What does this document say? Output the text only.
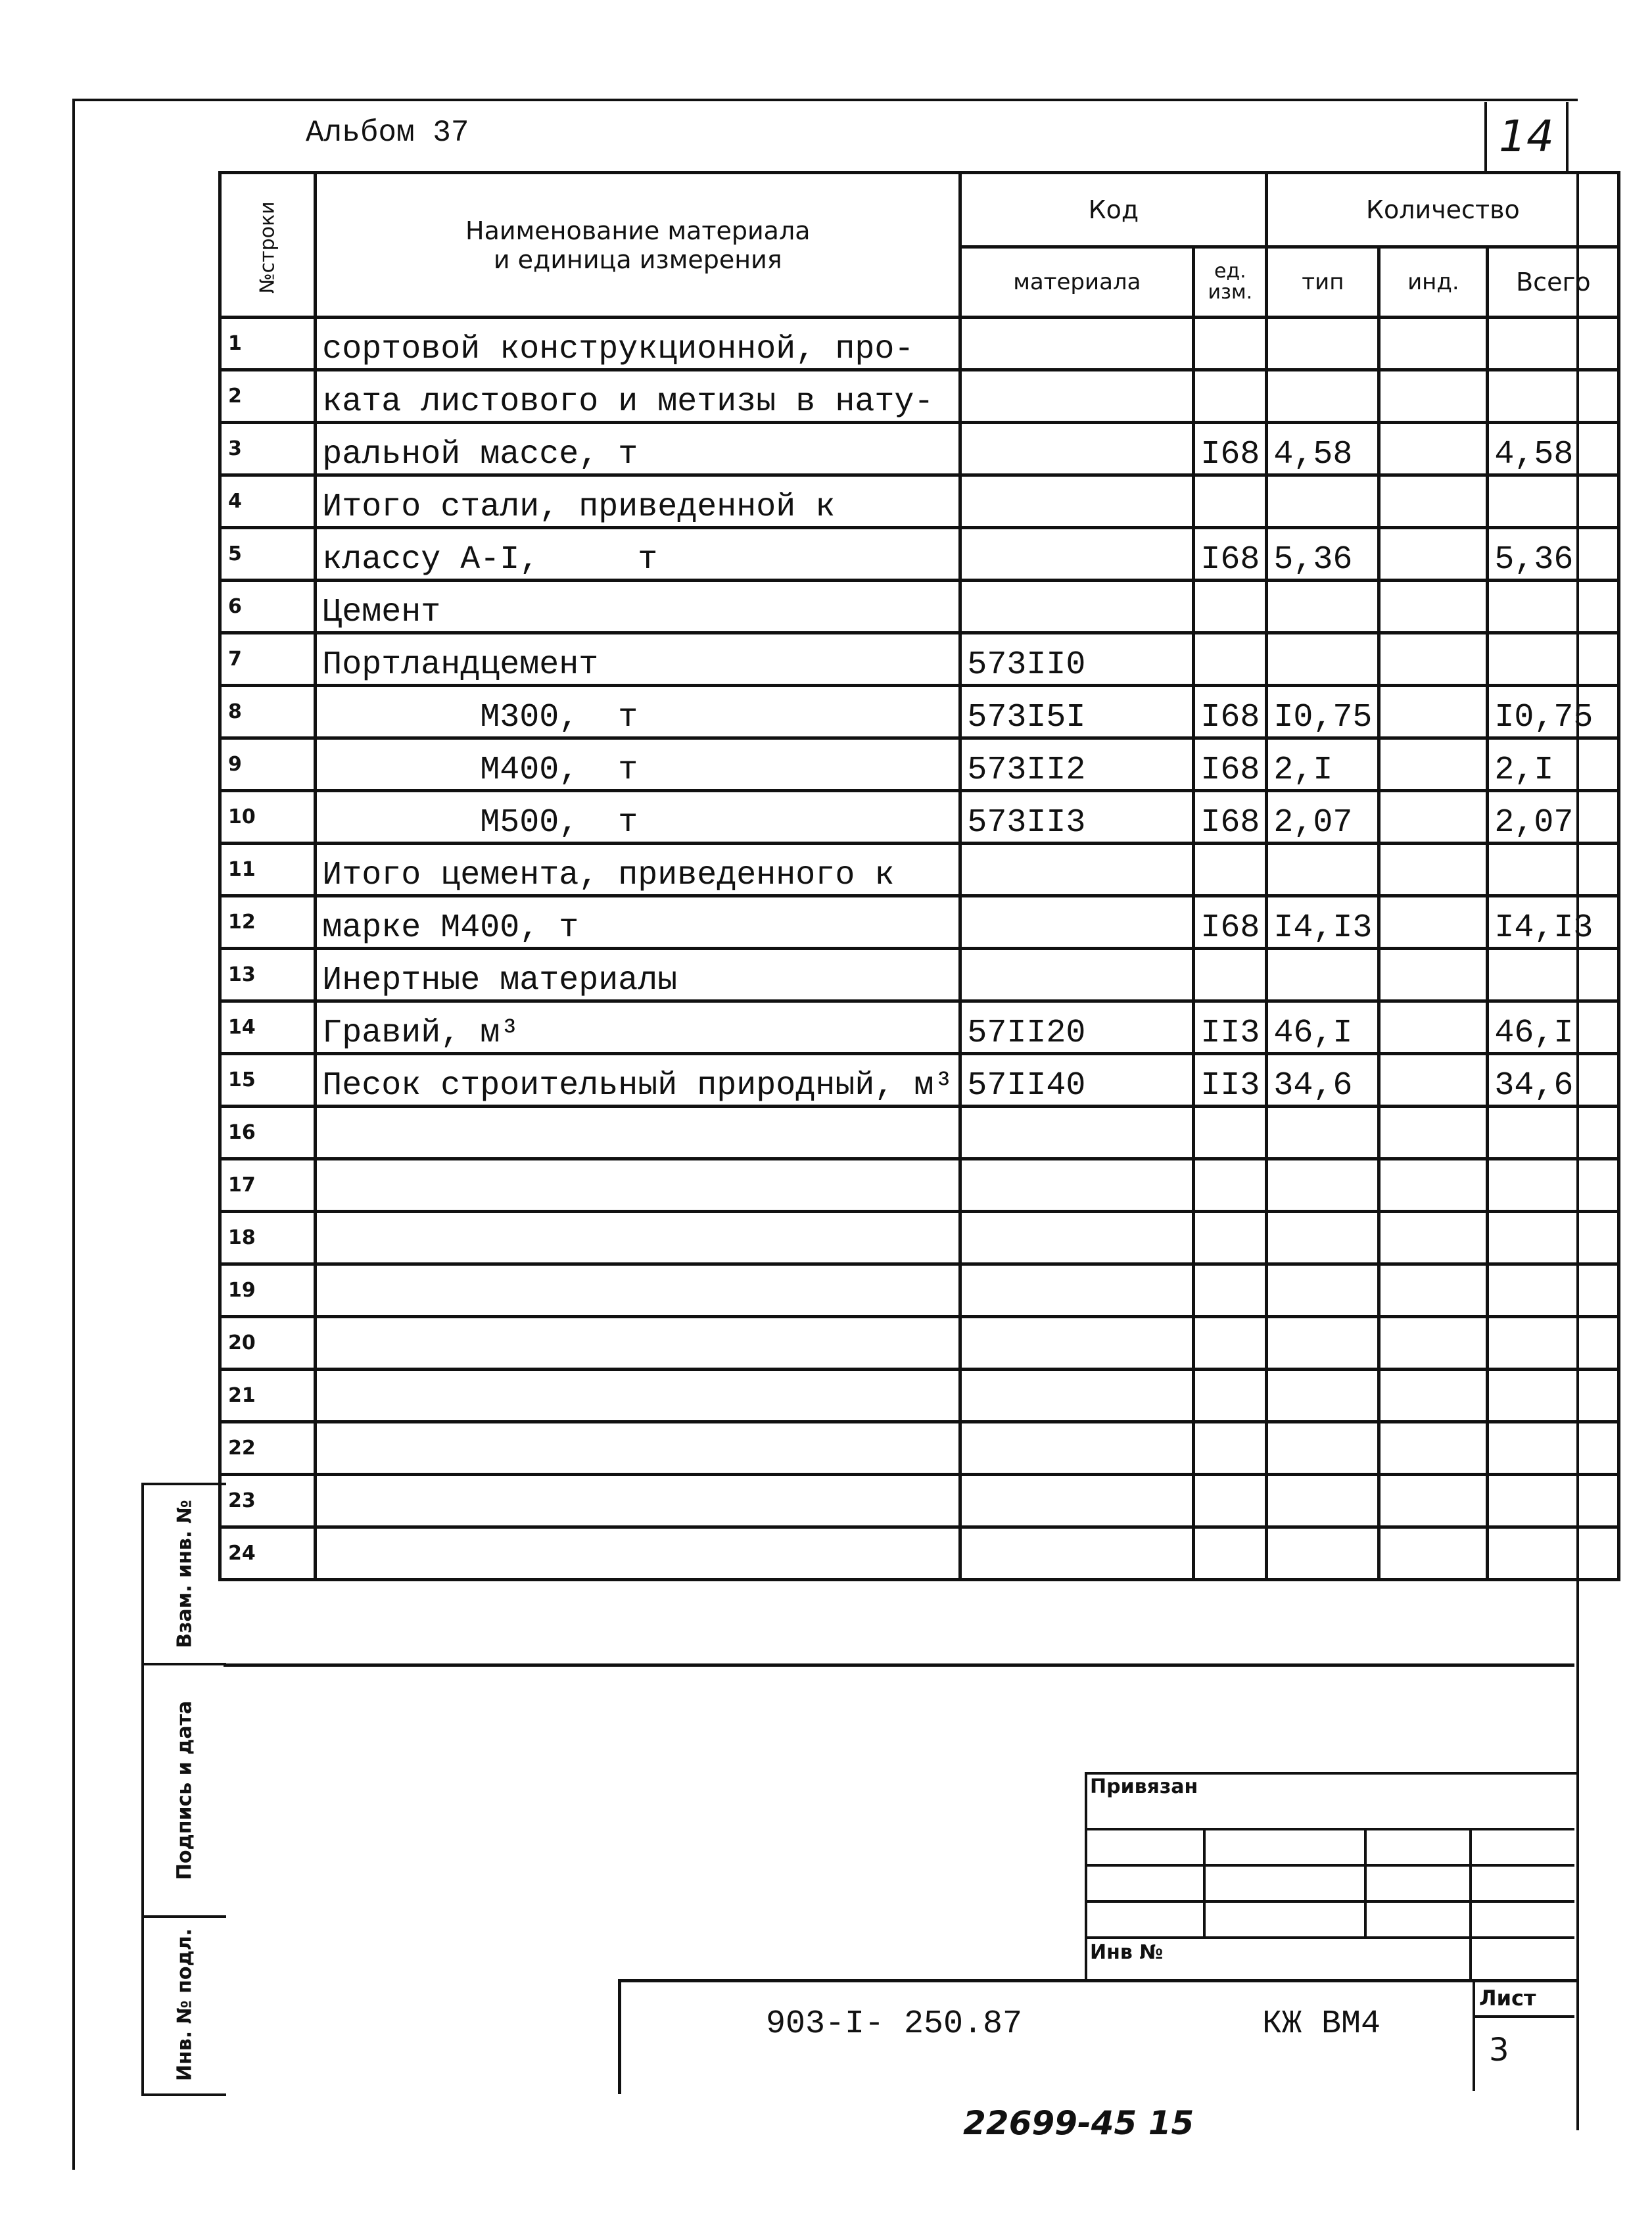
14
Альбом 37
№строки	Наименование материала
и единица измерения	Код		Количество		
		материала	ед. изм.	тип	инд.	Всего
1	сортовой конструкционной, про-					
2	ката листового и метизы в нату-					
3	ральной массе, т		I68	4,58		4,58
4	Итого стали, приведенной к					
5	классу А-I,     т		I68	5,36		5,36
6	Цемент					
7	Портландцемент	573II0				
8	М300,  т	573I5I	I68	I0,75		I0,75
9	М400,  т	573II2	I68	2,I		2,I
10	М500,  т	573II3	I68	2,07		2,07
11	Итого цемента, приведенного к					
12	марке М400, т		I68	I4,I3		I4,I3
13	Инертные материалы					
14	Гравий, м³	57II20	II3	46,I		46,I
15	Песок строительный природный, м³	57II40	II3	34,6		34,6
16						
17						
18						
19						
20						
21						
22						
23						
24						
Взам. инв. №
Подпись и дата
Инв. № подл.
Привязан
Инв №
903-I- 250.87	КЖ ВМ4
Лист
3
22699-45 15
